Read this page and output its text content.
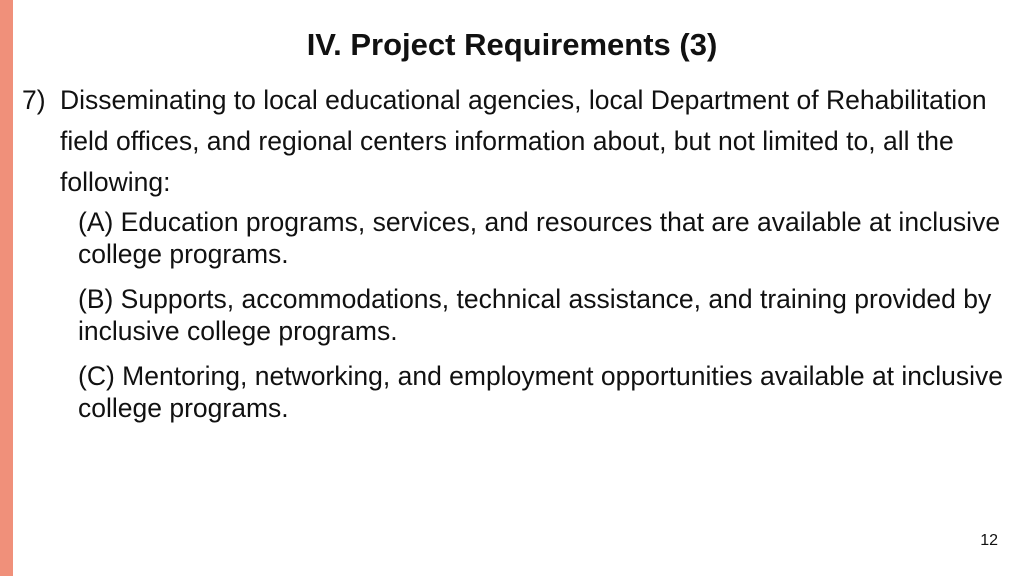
IV. Project Requirements (3)
7) Disseminating to local educational agencies, local Department of Rehabilitation field offices, and regional centers information about, but not limited to, all the following:
(A) Education programs, services, and resources that are available at inclusive college programs.
(B) Supports, accommodations, technical assistance, and training provided by inclusive college programs.
(C) Mentoring, networking, and employment opportunities available at inclusive college programs.
12
